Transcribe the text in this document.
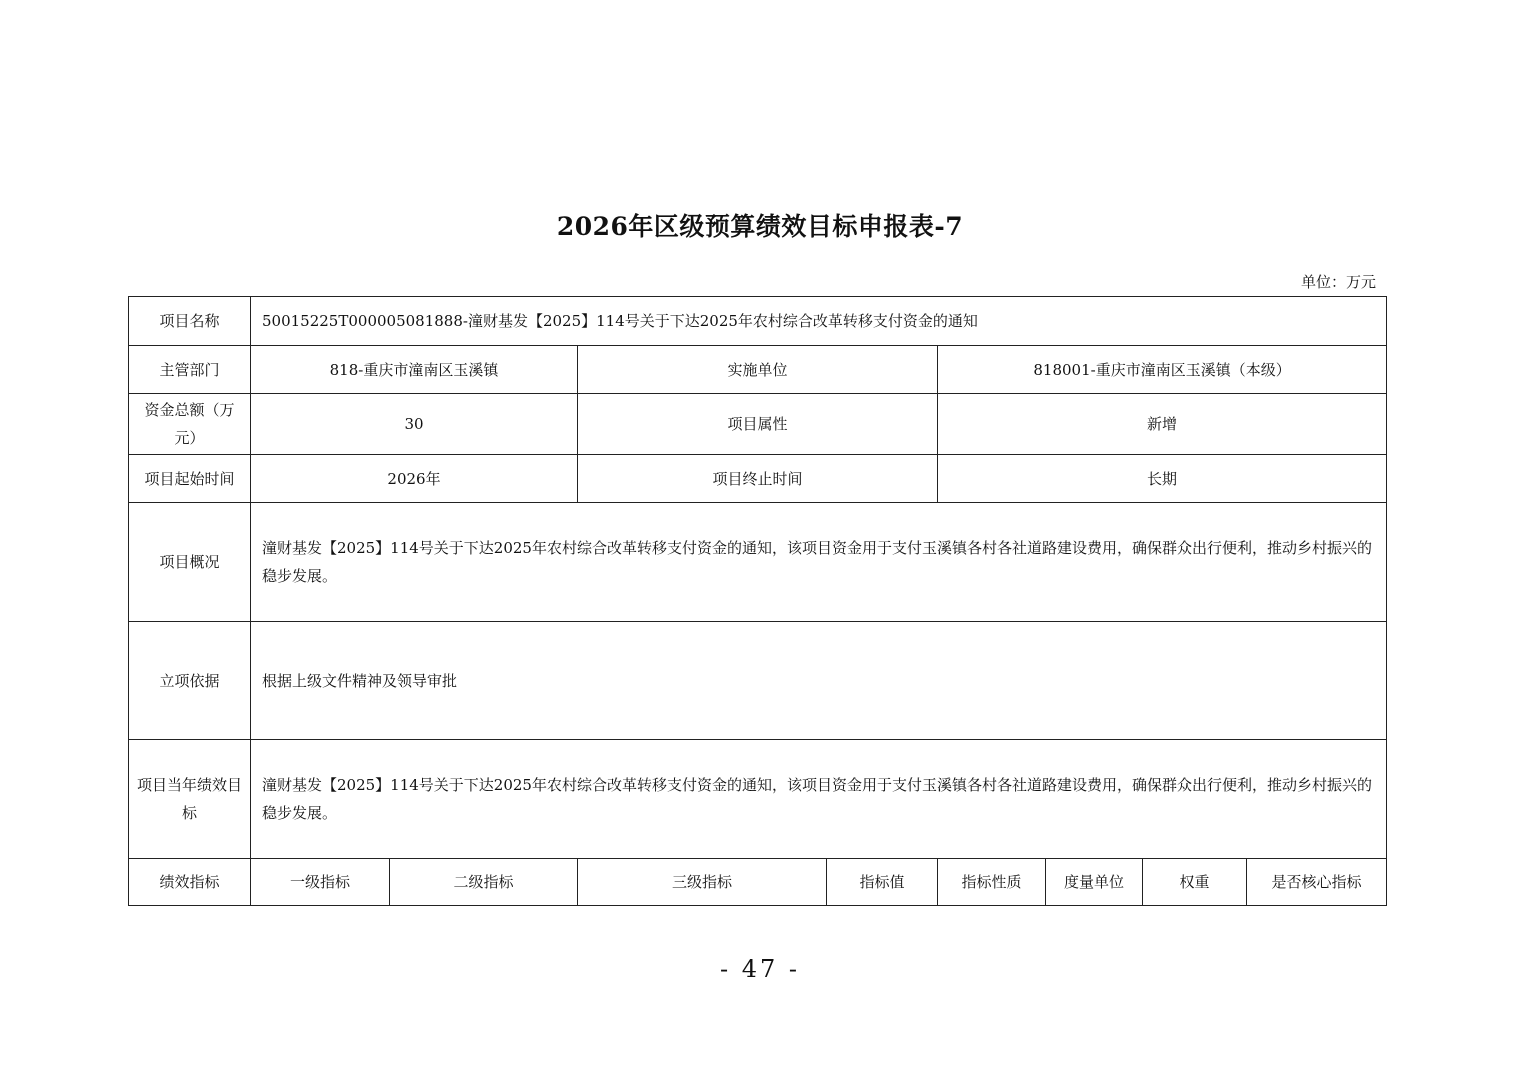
2026年区级预算绩效目标申报表-7
单位：万元
项目名称	50015225T000005081888-潼财基发【2025】114号关于下达2025年农村综合改革转移支付资金的通知							
主管部门	818-重庆市潼南区玉溪镇		实施单位		818001-重庆市潼南区玉溪镇（本级）			
资金总额（万元）	30		项目属性		新增			
项目起始时间	2026年		项目终止时间		长期			
项目概况	潼财基发【2025】114号关于下达2025年农村综合改革转移支付资金的通知，该项目资金用于支付玉溪镇各村各社道路建设费用，确保群众出行便利，推动乡村振兴的稳步发展。							
立项依据	根据上级文件精神及领导审批							
项目当年绩效目标	潼财基发【2025】114号关于下达2025年农村综合改革转移支付资金的通知，该项目资金用于支付玉溪镇各村各社道路建设费用，确保群众出行便利，推动乡村振兴的稳步发展。							
绩效指标	一级指标	二级指标	三级指标	指标值	指标性质	度量单位	权重	是否核心指标
- 47 -
